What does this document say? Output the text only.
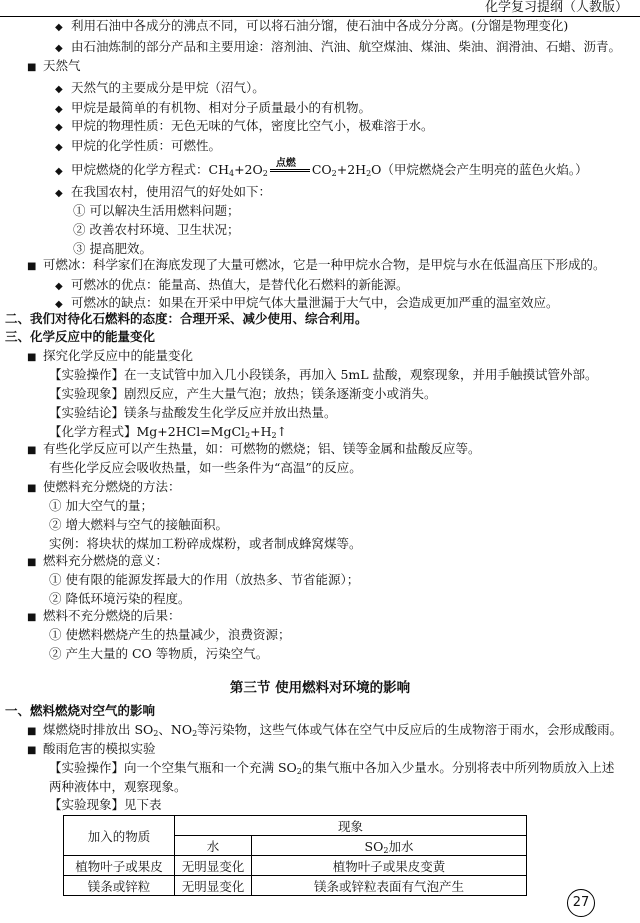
化学复习提纲（人教版）
◆ 利用石油中各成分的沸点不同，可以将石油分馏，使石油中各成分分离。(分馏是物理变化)
◆ 由石油炼制的部分产品和主要用途：溶剂油、汽油、航空煤油、煤油、柴油、润滑油、石蜡、沥青。
■ 天然气
◆ 天然气的主要成分是甲烷（沼气）。
◆ 甲烷是最简单的有机物、相对分子质量最小的有机物。
◆ 甲烷的物理性质：无色无味的气体，密度比空气小，极难溶于水。
◆ 甲烷的化学性质：可燃性。
◆ 甲烷燃烧的化学方程式：$CH_4+2O_2$
点燃 $CO_2+2H_2O$（甲烷燃烧会产生明亮的蓝色火焰。）
◆ 在我国农村，使用沼气的好处如下：
① 可以解决生活用燃料问题；
② 改善农村环境、卫生状况；
③ 提高肥效。
■ 可燃冰：科学家们在海底发现了大量可燃冰，它是一种甲烷水合物，是甲烷与水在低温高压下形成的。
◆ 可燃冰的优点：能量高、热值大，是替代化石燃料的新能源。
◆ 可燃冰的缺点：如果在开采中甲烷气体大量泄漏于大气中，会造成更加严重的温室效应。
二、我们对待化石燃料的态度：合理开采、减少使用、综合利用。
三、化学反应中的能量变化
■ 探究化学反应中的能量变化
【实验操作】在一支试管中加入几小段镁条，再加入 5mL 盐酸，观察现象，并用手触摸试管外部。
【实验现象】剧烈反应，产生大量气泡；放热；镁条逐渐变小或消失。
【实验结论】镁条与盐酸发生化学反应并放出热量。
【化学方程式】$Mg+2HCl=MgCl_2+H_2↑$
■ 有些化学反应可以产生热量，如：可燃物的燃烧；铝、镁等金属和盐酸反应等。
有些化学反应会吸收热量，如一些条件为“高温”的反应。
■ 使燃料充分燃烧的方法：
① 加大空气的量；
② 增大燃料与空气的接触面积。
实例：将块状的煤加工粉碎成煤粉，或者制成蜂窝煤等。
■ 燃料充分燃烧的意义：
① 使有限的能源发挥最大的作用（放热多、节省能源）；
② 降低环境污染的程度。
■ 燃料不充分燃烧的后果：
① 使燃料燃烧产生的热量减少，浪费资源；
② 产生大量的 CO 等物质，污染空气。
第三节 使用燃料对环境的影响
一、燃料燃烧对空气的影响
■ 煤燃烧时排放出 $SO_2$、$NO_2$等污染物，这些气体或气体在空气中反应后的生成物溶于雨水，会形成酸雨。
■ 酸雨危害的模拟实验
【实验操作】向一个空集气瓶和一个充满 $SO_2$的集气瓶中各加入少量水。分别将表中所列物质放入上述
两种液体中，观察现象。
【实验现象】见下表
加入的物质	现象	
	水	$SO_2$加水
植物叶子或果皮	无明显变化	植物叶子或果皮变黄
镁条或锌粒	无明显变化	镁条或锌粒表面有气泡产生
27
